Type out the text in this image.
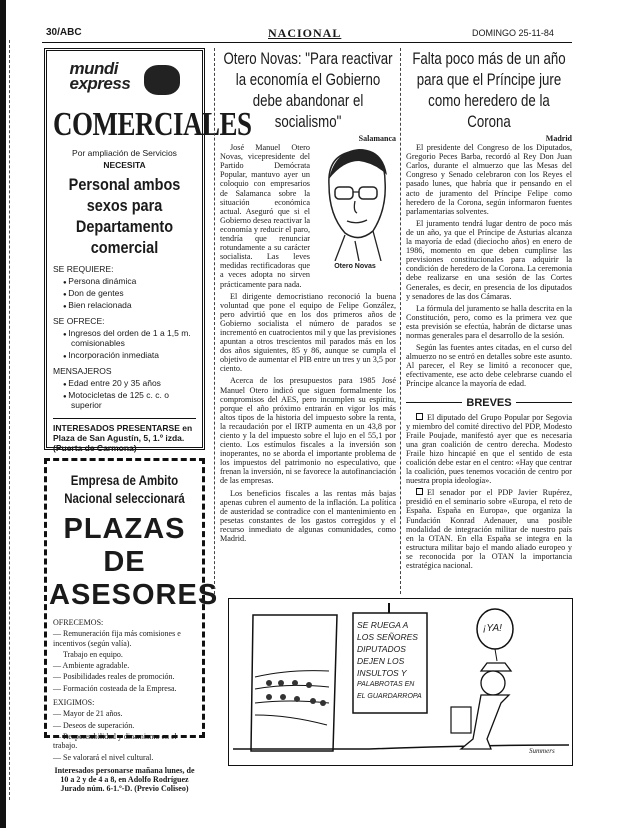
30/ABC	NACIONAL	DOMINGO 25-11-84
mundi
express
COMERCIALES
Por ampliación de Servicios
NECESITA
Personal ambos sexos para Departamento comercial
SE REQUIERE:
● Persona dinámica
● Don de gentes
● Bien relacionada
SE OFRECE:
● Ingresos del orden de 1 a 1,5 m. comisionables
● Incorporación inmediata
MENSAJEROS
● Edad entre 20 y 35 años
● Motocicletas de 125 c. c. o superior
INTERESADOS PRESENTARSE en Plaza de San Agustín, 5, 1.º izda. (Puerta de Carmona)
Empresa de Ambito Nacional seleccionará
PLAZAS DE ASESORES
OFRECEMOS:
— Remuneración fija más comisiones e incentivos (según valía).
Trabajo en equipo.
— Ambiente agradable.
— Posibilidades reales de promoción.
— Formación costeada de la Empresa.
EXIGIMOS:
— Mayor de 21 años.
— Deseos de superación.
— Responsabilidad y dinamismo en el trabajo.
— Se valorará el nivel cultural.
Interesados personarse mañana lunes, de 10 a 2 y de 4 a 8, en Adolfo Rodríguez Jurado núm. 6-1.º-D. (Previo Coliseo)
Otero Novas: "Para reactivar la economía el Gobierno debe abandonar el socialismo"
Salamanca
Otero Novas

José Manuel Otero Novas, vicepresidente del Partido Demócrata Popular, mantuvo ayer un coloquio con empresarios de Salamanca sobre la situación económica actual. Aseguró que si el Gobierno desea reactivar la economía y reducir el paro, tendría que renunciar rotundamente a su carácter socialista. Las leves medidas rectificadoras que a veces adopta no sirven prácticamente para nada.

El dirigente democristiano reconoció la buena voluntad que pone el equipo de Felipe González, pero advirtió que en los dos primeros años de Gobierno socialista el número de parados se incrementó en cuatrocientos mil y que las previsiones apuntan a otros trescientos mil parados más en los dos años siguientes, 85 y 86, aunque se cumpla el objetivo de aumentar el PIB entre un tres y un 3,5 por ciento.

Acerca de los presupuestos para 1985 José Manuel Otero indicó que siguen formalmente los compromisos del AES, pero incumplen su espíritu, porque el año próximo entrarán en vigor los más altos tipos de la historia del impuesto sobre la renta, la recaudación por el IRTP aumenta en un 43,8 por ciento y la del impuesto sobre el lujo en el 55,1 por ciento. Los estímulos fiscales a la inversión son inoperantes, no se aborda el importante problema de los impuestos del patrimonio no especulativo, que frenan la inversión, ni se favorece la autofinanciación de las empresas.

Los beneficios fiscales a las rentas más bajas apenas cubren el aumento de la inflación. La política de austeridad se contradice con el mantenimiento en pesetas constantes de los gastos corregidos y el recurso inmediato de algunas comunidades, como Madrid.

Falta poco más de un año para que el Príncipe jure como heredero de la Corona
Madrid

El presidente del Congreso de los Diputados, Gregorio Peces Barba, recordó al Rey Don Juan Carlos, durante el almuerzo que las Mesas del Congreso y Senado celebraron con los Reyes el pasado lunes, que habría que ir pensando en el acto de juramento del Príncipe Felipe como heredero de la Corona, según informaron fuentes parlamentarias solventes.

El juramento tendrá lugar dentro de poco más de un año, ya que el Príncipe de Asturias alcanza la mayoría de edad (dieciocho años) en enero de 1986, momento en que deben cumplirse las previsiones constitucionales para adquirir la condición de heredero de la Corona. La ceremonia debe realizarse en una sesión de las Cortes Generales, es decir, en presencia de los diputados y senadores de las dos Cámaras.

La fórmula del juramento se halla descrita en la Constitución, pero, como es la primera vez que esta previsión se efectúa, habrán de dictarse unas normas generales para el desarrollo de la sesión.

Según las fuentes antes citadas, en el curso del almuerzo no se entró en detalles sobre este asunto. Al parecer, el Rey se limitó a reconocer que, efectivamente, ese acto debe celebrarse cuando el Príncipe alcance la mayoría de edad.

BREVES

El diputado del Grupo Popular por Segovia y miembro del comité directivo del PDP, Modesto Fraile Poujade, manifestó ayer que es necesaria una gran coalición de centro derecha. Modesto Fraile hizo hincapié en que el sentido de esta coalición debe estar en el centro: «Hay que centrar la coalición, pues tenemos vocación de centro por nuestra propia ideología».

El senador por el PDP Javier Rupérez, presidió en el seminario sobre «Europa, el reto de España. España en Europa», que organiza la Fundación Konrad Adenauer, una posible modalidad de integración militar de nuestro país en la OTAN. En ella España se integra en la estructura militar bajo el mando aliado europeo y se reconocida por la OTAN la importancia estratégica nacional.

SE RUEGA A
LOS SEÑORES
DIPUTADOS
DEJEN LOS
INSULTOS Y
PALABROTAS EN
EL GUARDARROPA
¡YA!
Summers
